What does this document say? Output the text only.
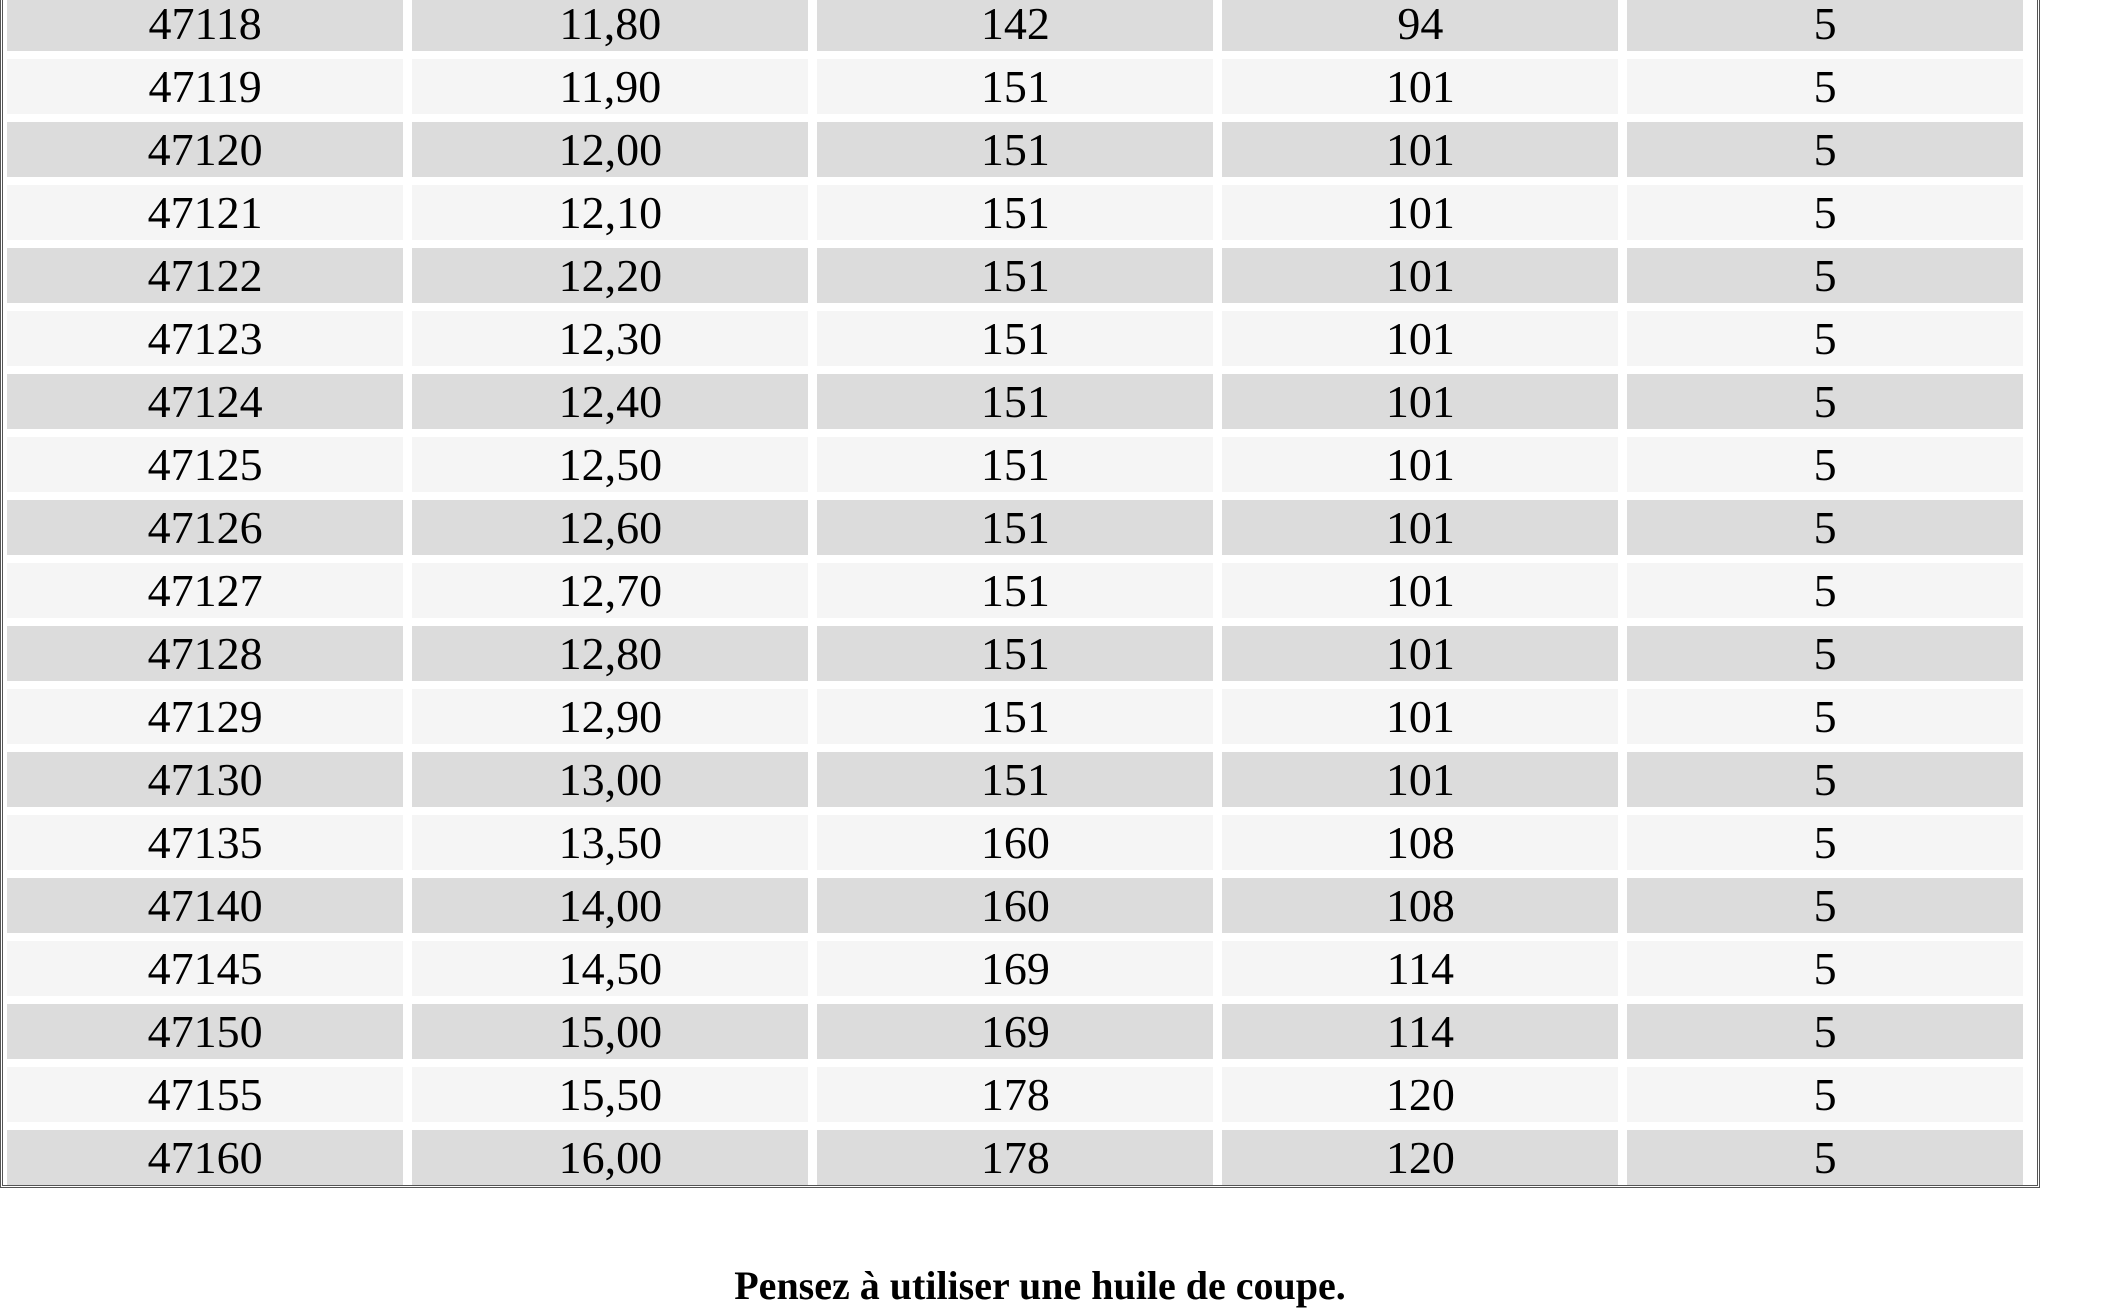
47118	11,80	142	94	5
47119	11,90	151	101	5
47120	12,00	151	101	5
47121	12,10	151	101	5
47122	12,20	151	101	5
47123	12,30	151	101	5
47124	12,40	151	101	5
47125	12,50	151	101	5
47126	12,60	151	101	5
47127	12,70	151	101	5
47128	12,80	151	101	5
47129	12,90	151	101	5
47130	13,00	151	101	5
47135	13,50	160	108	5
47140	14,00	160	108	5
47145	14,50	169	114	5
47150	15,00	169	114	5
47155	15,50	178	120	5
47160	16,00	178	120	5
Pensez à utiliser une huile de coupe.
